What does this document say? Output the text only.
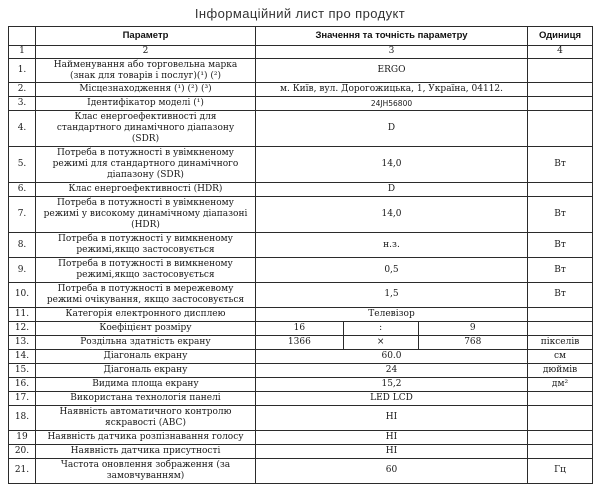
Інформаційний лист про продукт
	Параметр	Значення та точність параметру	Одиниця
1	2	3	4
1.	Найменування або торговельна марка (знак для товарів і послуг)(¹) (²)	ERGO	
2.	Місцезнаходження (¹) (²) (³)	м. Київ, вул. Дорогожицька, 1, Україна, 04112.	
3.	Ідентифікатор моделі (¹)	24JH56800	
4.	Клас енергоефективності для стандартного динамічного діапазону (SDR)	D	
5.	Потреба в потужності в увімкненому режимі для стандартного динамічного діапазону (SDR)	14,0	Вт
6.	Клас енергоефективності (HDR)	D	
7.	Потреба в потужності в увімкненому режимі у високому динамічному діапазоні (HDR)	14,0	Вт
8.	Потреба в потужності у вимкненому режимі,якщо застосовується	н.з.	Вт
9.	Потреба в потужності в вимкненому режимі,якщо застосовується	0,5	Вт
10.	Потреба в потужності в мережевому режимі очікування, якщо застосовується	1,5	Вт
11.	Категорія електронного дисплею	Телевізор	
12.	Коефіцієнт розміру	16 : 9	

13.	Роздільна здатність екрану	1366 × 768	пікселів
14.	Діагональ екрану	60.0	см
15.	Діагональ екрану	24	дюймів
16.	Видима площа екрану	15,2	дм²
17.	Використана технологія панелі	LED LCD	
18.	Наявність автоматичного контролю яскравості (ABC)	НІ	
19	Наявність датчика розпізнавання голосу	НІ	
20.	Наявність датчика присутності	НІ	
21.	Частота оновлення зображення (за замовчуванням)	60	Гц
